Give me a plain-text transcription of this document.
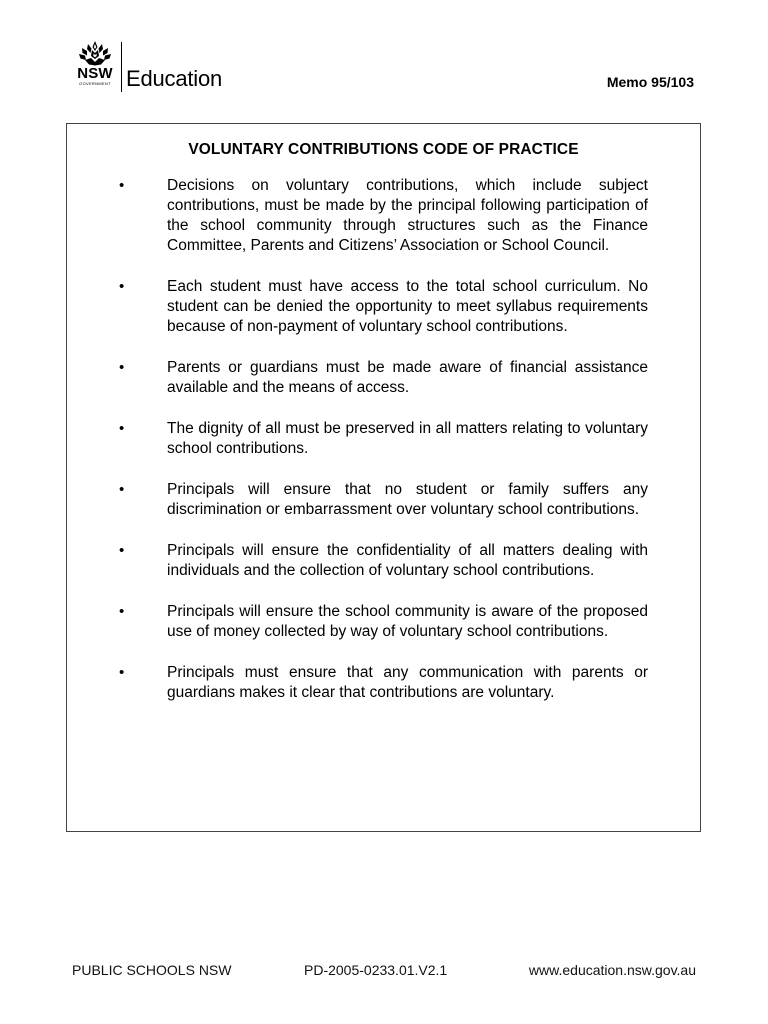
NSW
GOVERNMENT Education	Memo 95/103
VOLUNTARY CONTRIBUTIONS CODE OF PRACTICE
•	Decisions on voluntary contributions, which include subject contributions, must be made by the principal following participation of the school community through structures such as the Finance Committee, Parents and Citizens’ Association or School Council.
•	Each student must have access to the total school curriculum. No student can be denied the opportunity to meet syllabus requirements because of non-payment of voluntary school contributions.
•	Parents or guardians must be made aware of financial assistance available and the means of access.
•	The dignity of all must be preserved in all matters relating to voluntary school contributions.
•	Principals will ensure that no student or family suffers any discrimination or embarrassment over voluntary school contributions.
•	Principals will ensure the confidentiality of all matters dealing with individuals and the collection of voluntary school contributions.
•	Principals will ensure the school community is aware of the proposed use of money collected by way of voluntary school contributions.
•	Principals must ensure that any communication with parents or guardians makes it clear that contributions are voluntary.
PUBLIC SCHOOLS NSW	PD-2005-0233.01.V2.1	www.education.nsw.gov.au
